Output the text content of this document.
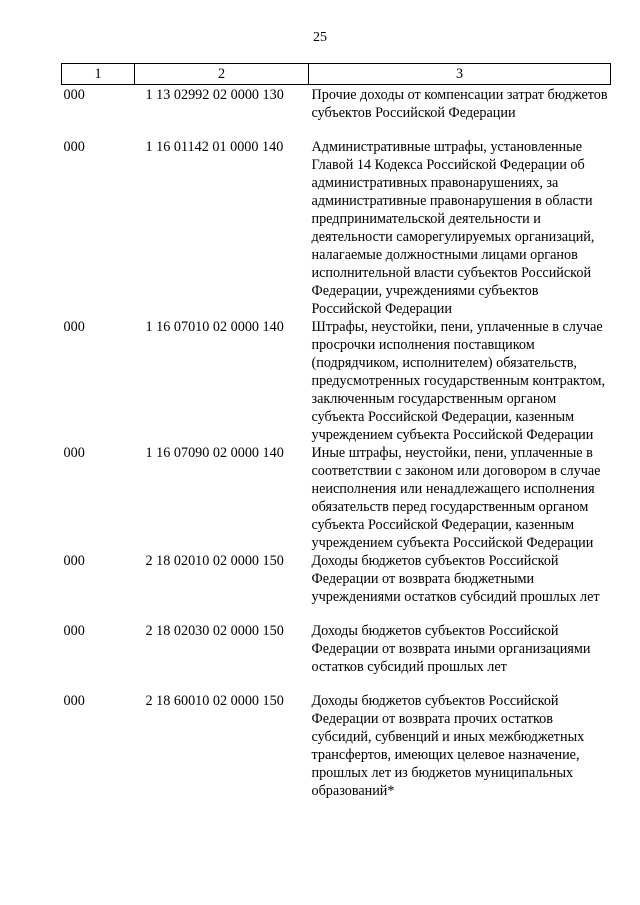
25
1	2	3
000	1 13 02992 02 0000 130	Прочие доходы от компенсации затрат бюджетов субъектов Российской Федерации
000	1 16 01142 01 0000 140	Административные штрафы, установленные Главой 14 Кодекса Российской Федерации об административных правонарушениях, за административные правонарушения в области предпринимательской деятельности и деятельности саморегулируемых организаций, налагаемые должностными лицами органов исполнительной власти субъектов Российской Федерации, учреждениями субъектов Российской Федерации
000	1 16 07010 02 0000 140	Штрафы, неустойки, пени, уплаченные в случае просрочки исполнения поставщиком (подрядчиком, исполнителем) обязательств, предусмотренных государственным контрактом, заключенным государственным органом субъекта Российской Федерации, казенным учреждением субъекта Российской Федерации
000	1 16 07090 02 0000 140	Иные штрафы, неустойки, пени, уплаченные в соответствии с законом или договором в случае неисполнения или ненадлежащего исполнения обязательств перед государственным органом субъекта Российской Федерации, казенным учреждением субъекта Российской Федерации
000	2 18 02010 02 0000 150	Доходы бюджетов субъектов Российской Федерации от возврата бюджетными учреждениями остатков субсидий прошлых лет
000	2 18 02030 02 0000 150	Доходы бюджетов субъектов Российской Федерации от возврата иными организациями остатков субсидий прошлых лет
000	2 18 60010 02 0000 150	Доходы бюджетов субъектов Российской Федерации от возврата прочих остатков субсидий, субвенций и иных межбюджетных трансфертов, имеющих целевое назначение, прошлых лет из бюджетов муниципальных образований*
